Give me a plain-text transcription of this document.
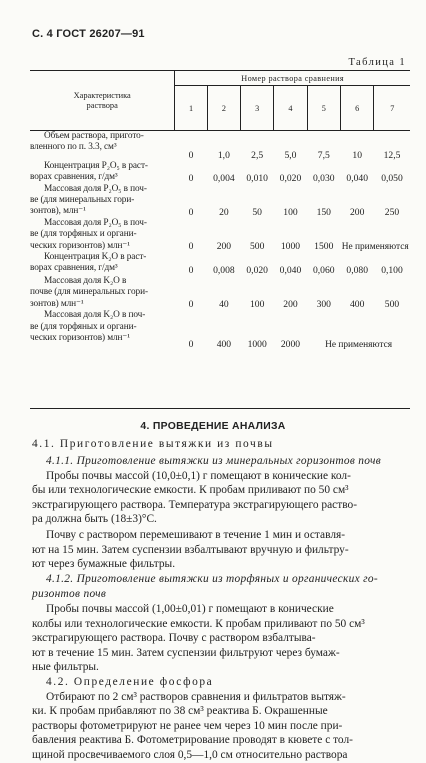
С. 4 ГОСТ 26207—91
Таблица 1
Характеристика
раствора	Номер раствора сравнения						
	1	2	3	4	5	6	7

Объем раствора, пригото-
вленного по п. 3.3, см³	0	1,0	2,5	5,0	7,5	10	12,5

Концентрация P₂O₅ в раст-
ворах сравнения, г/дм³	0	0,004	0,010	0,020	0,030	0,040	0,050

Массовая доля P₂O₅ в поч-
ве (для минеральных гори-
зонтов), млн⁻¹	0	20	50	100	150	200	250

Массовая доля P₂O₅ в поч-
ве (для торфяных и органи-
ческих горизонтов) млн⁻¹	0	200	500	1000	1500	Не применяются	

Концентрация K₂O в раст-
ворах сравнения, г/дм³	0	0,008	0,020	0,040	0,060	0,080	0,100

Массовая доля K₂O в
почве (для минеральных гори-
зонтов) млн⁻¹	0	40	100	200	300	400	500

Массовая доля K₂O в поч-
ве (для торфяных и органи-
ческих горизонтов) млн⁻¹	0	400	1000	2000	Не применяются		
4. ПРОВЕДЕНИЕ АНАЛИЗА

4.1. Приготовление вытяжки из почвы

4.1.1. Приготовление вытяжки из минеральных горизонтов почв
Пробы почвы массой (10,0±0,1) г помещают в конические кол-
бы или технологические емкости. К пробам приливают по 50 см³
экстрагирующего раствора. Температура экстрагирующего раство-
ра должна быть (18±3)°С.

Почву с раствором перемешивают в течение 1 мин и оставля-
ют на 15 мин. Затем суспензии взбалтывают вручную и фильтру-
ют через бумажные фильтры.

4.1.2. Приготовление вытяжки из торфяных и органических го-
ризонтов почв

Пробы почвы массой (1,00±0,01) г помещают в конические
колбы или технологические емкости. К пробам приливают по 50 см³
экстрагирующего раствора. Почву с раствором взбалтыва-
ют в течение 15 мин. Затем суспензии фильтруют через бумаж-
ные фильтры.
4.2. Определение фосфора
Отбирают по 2 см³ растворов сравнения и фильтратов вытяж-
ки. К пробам прибавляют по 38 см³ реактива Б. Окрашенные
растворы фотометрируют не ранее чем через 10 мин после при-
бавления реактива Б. Фотометрирование проводят в кювете с тол-
щиной просвечиваемого слоя 0,5—1,0 см относительно раствора
